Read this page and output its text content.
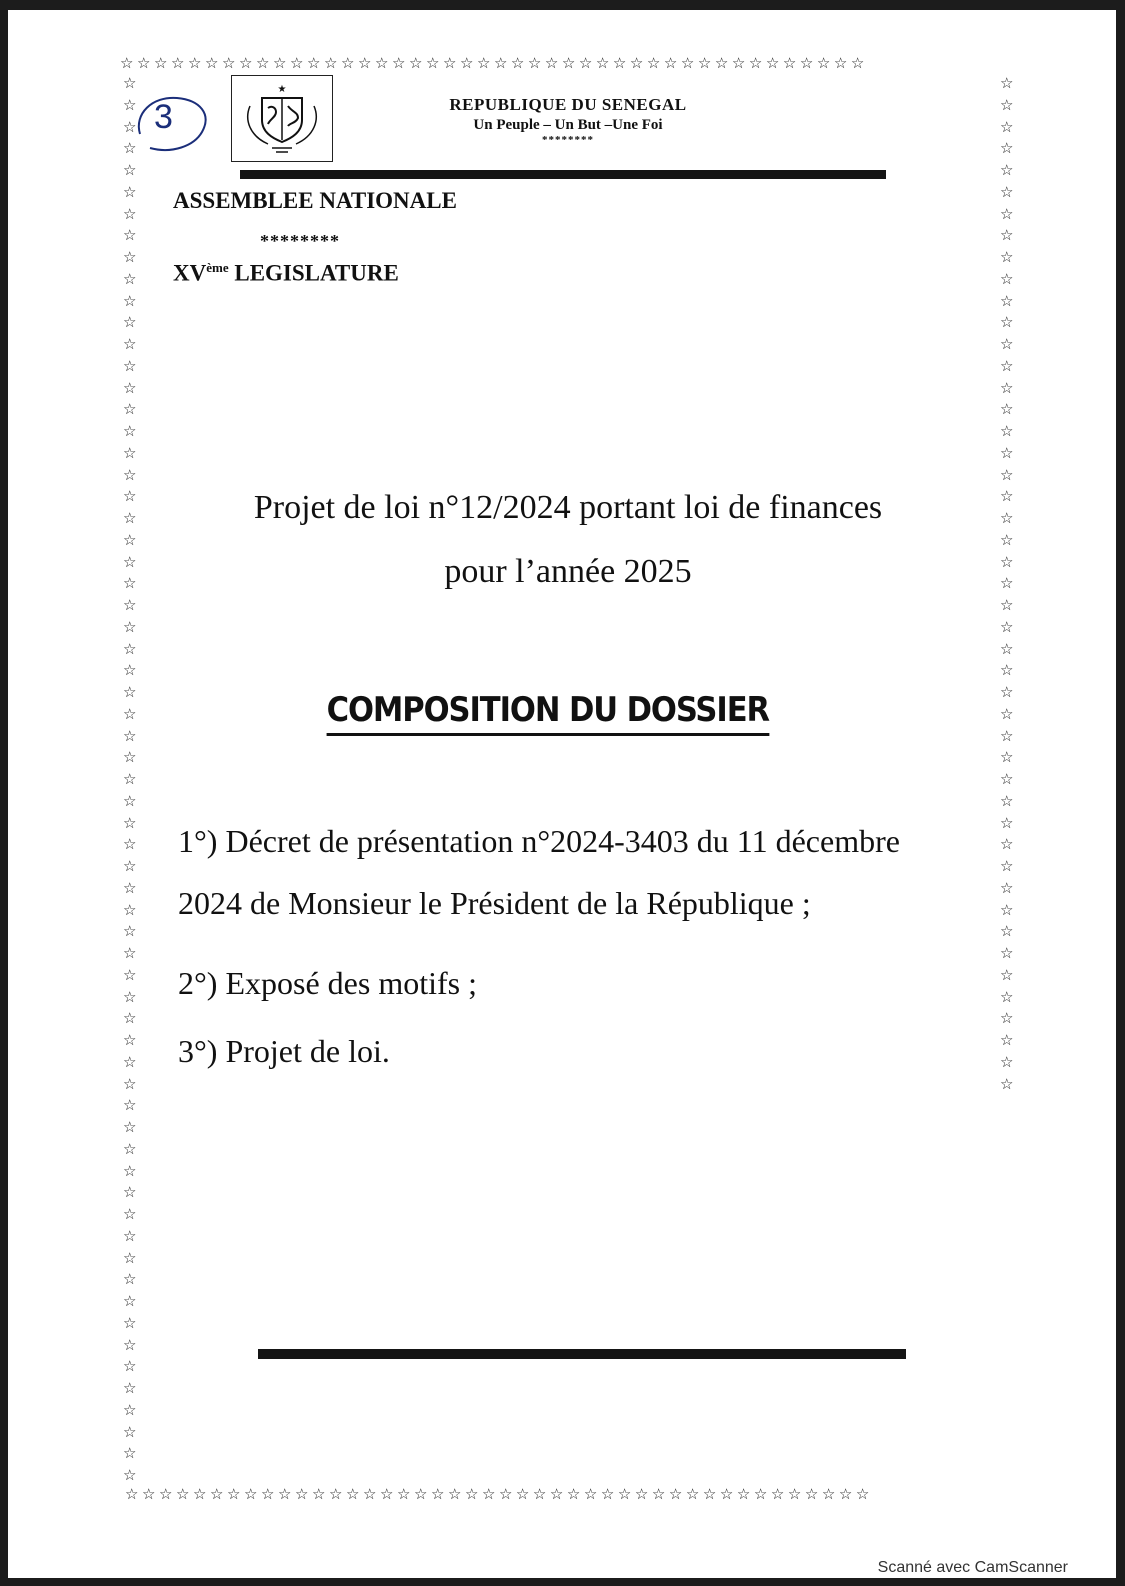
☆☆☆☆☆☆☆☆☆☆☆☆☆☆☆☆☆☆☆☆☆☆☆☆☆☆☆☆☆☆☆☆☆☆☆☆☆☆☆☆☆☆☆☆
☆☆☆☆☆☆☆☆☆☆☆☆☆☆☆☆☆☆☆☆☆☆☆☆☆☆☆☆☆☆☆☆☆☆☆☆☆☆☆☆☆☆☆☆☆☆☆☆☆☆☆☆☆☆☆☆☆☆☆☆☆☆☆☆☆
☆☆☆☆☆☆☆☆☆☆☆☆☆☆☆☆☆☆☆☆☆☆☆☆☆☆☆☆☆☆☆☆☆☆☆☆☆☆☆☆☆☆☆☆☆☆☆
☆☆☆☆☆☆☆☆☆☆☆☆☆☆☆☆☆☆☆☆☆☆☆☆☆☆☆☆☆☆☆☆☆☆☆☆☆☆☆☆☆☆☆☆
3
★
REPUBLIQUE DU SENEGAL
Un Peuple – Un But –Une Foi
********
ASSEMBLEE NATIONALE
********
XVème LEGISLATURE
Projet de loi n°12/2024 portant loi de finances
pour l’année 2025
COMPOSITION DU DOSSIER
1°) Décret de présentation n°2024-3403 du 11 décembre
2024 de Monsieur le Président de la République ;
2°) Exposé des motifs ;
3°) Projet de loi.
Scanné avec CamScanner
